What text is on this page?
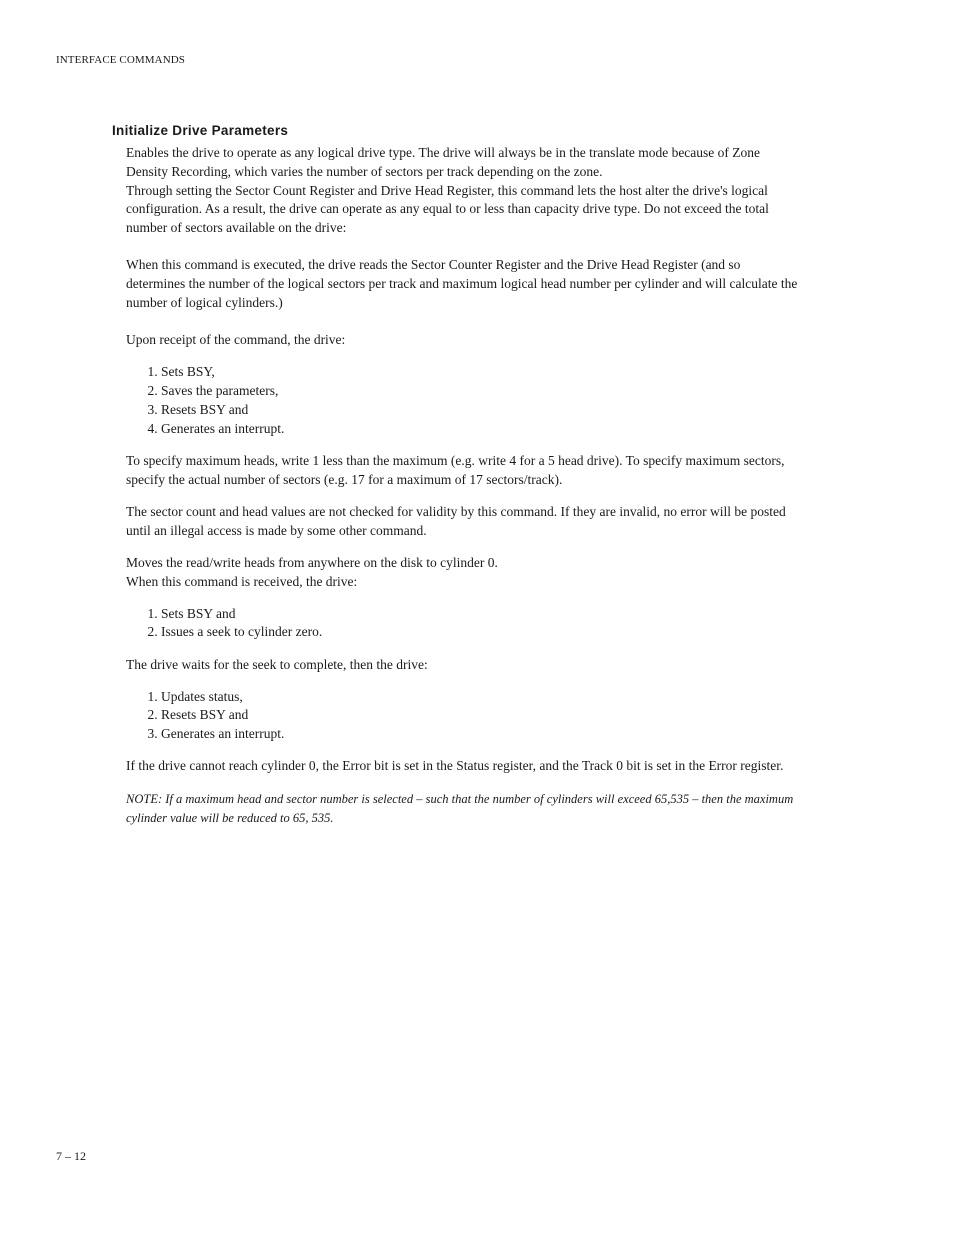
INTERFACE COMMANDS
Initialize Drive Parameters

Enables the drive to operate as any logical drive type. The drive will always be in the translate mode because of Zone Density Recording, which varies the number of sectors per track depending on the zone.

Through setting the Sector Count Register and Drive Head Register, this command lets the host alter the drive's logical configuration. As a result, the drive can operate as any equal to or less than capacity drive type. Do not exceed the total number of sectors available on the drive:

When this command is executed, the drive reads the Sector Counter Register and the Drive Head Register (and so determines the number of the logical sectors per track and maximum logical head number per cylinder and will calculate the number of logical cylinders.)

Upon receipt of the command, the drive:

1. Sets BSY,
2. Saves the parameters,
3. Resets BSY and
4. Generates an interrupt.

To specify maximum heads, write 1 less than the maximum (e.g. write 4 for a 5 head drive). To specify maximum sectors, specify the actual number of sectors (e.g. 17 for a maximum of 17 sectors/track).

The sector count and head values are not checked for validity by this command. If they are invalid, no error will be posted until an illegal access is made by some other command.

Moves the read/write heads from anywhere on the disk to cylinder 0.

When this command is received, the drive:

1. Sets BSY and
2. Issues a seek to cylinder zero.

The drive waits for the seek to complete, then the drive:

1. Updates status,
2. Resets BSY and
3. Generates an interrupt.

If the drive cannot reach cylinder 0, the Error bit is set in the Status register, and the Track 0 bit is set in the Error register.

NOTE: If a maximum head and sector number is selected – such that the number of cylinders will exceed 65,535 – then the maximum cylinder value will be reduced to 65, 535.

7 – 12
